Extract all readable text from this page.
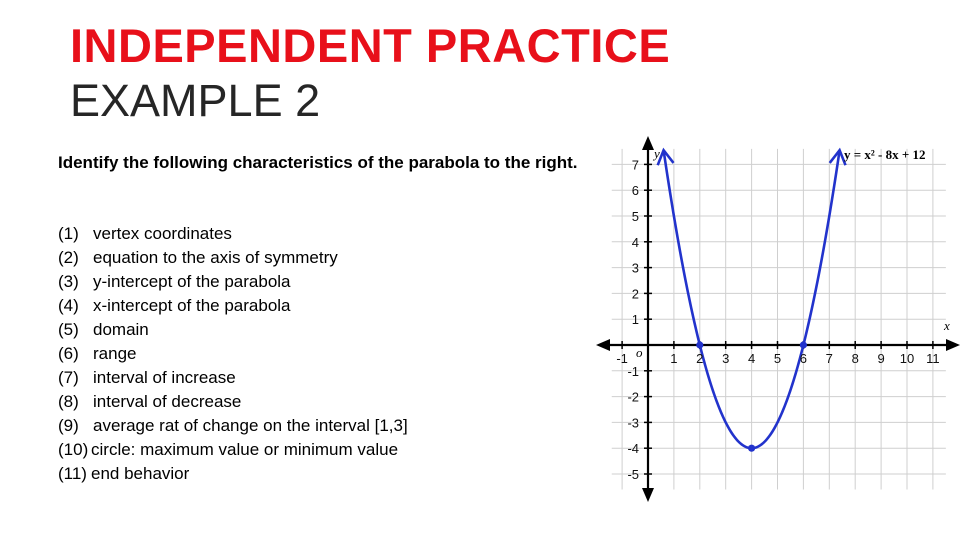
INDEPENDENT PRACTICE
EXAMPLE 2
Identify the following characteristics of the parabola to the right.
(1) vertex coordinates
(2) equation to the axis of symmetry
(3) y-intercept of the parabola
(4) x-intercept of the parabola
(5) domain
(6) range
(7) interval of increase
(8) interval of decrease
(9) average rat of change on the interval [1,3]
(10) circle: maximum value or minimum value
(11) end behavior
-1	1 2 3 4 5 6 7 8 9 10 11
7
6
5
4
3
2
1
-1
-2
-3
-4
-5
y = x² - 8x + 12
x
y
o
